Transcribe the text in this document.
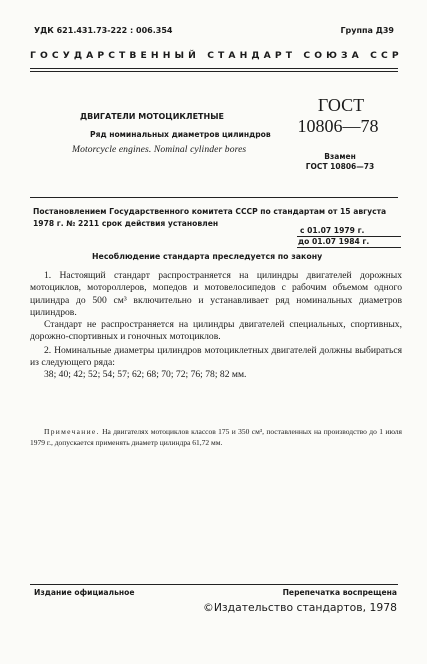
УДК 621.431.73-222 : 006.354	Группа Д39
ГОСУДАРСТВЕННЫЙ СТАНДАРТ СОЮЗА ССР
ДВИГАТЕЛИ МОТОЦИКЛЕТНЫЕ
Ряд номинальных диаметров цилиндров
Motorcycle engines. Nominal cylinder bores
ГОСТ
10806—78
Взамен
ГОСТ 10806—73
Постановлением Государственного комитета СССР по стандартам от 15 августа 1978 г. № 2211 срок действия установлен
с 01.07 1979 г.
до 01.07 1984 г.
Несоблюдение стандарта преследуется по закону

1. Настоящий стандарт распространяется на цилиндры двигателей дорожных мотоциклов, мотороллеров, мопедов и мотовелосипедов с рабочим объемом одного цилиндра до 500 см³ включительно и устанавливает ряд номинальных диаметров цилиндров.

Стандарт не распространяется на цилиндры двигателей специальных, спортивных, дорожно-спортивных и гоночных мотоциклов.

2. Номинальные диаметры цилиндров мотоциклетных двигателей должны выбираться из следующего ряда:

38; 40; 42; 52; 54; 57; 62; 68; 70; 72; 76; 78; 82 мм.

Примечание. На двигателях мотоциклов классов 175 и 350 см³, поставленных на производство до 1 июля 1979 г., допускается применять диаметр цилиндра 61,72 мм.
Издание официальное	Перепечатка воспрещена
©Издательство стандартов, 1978
